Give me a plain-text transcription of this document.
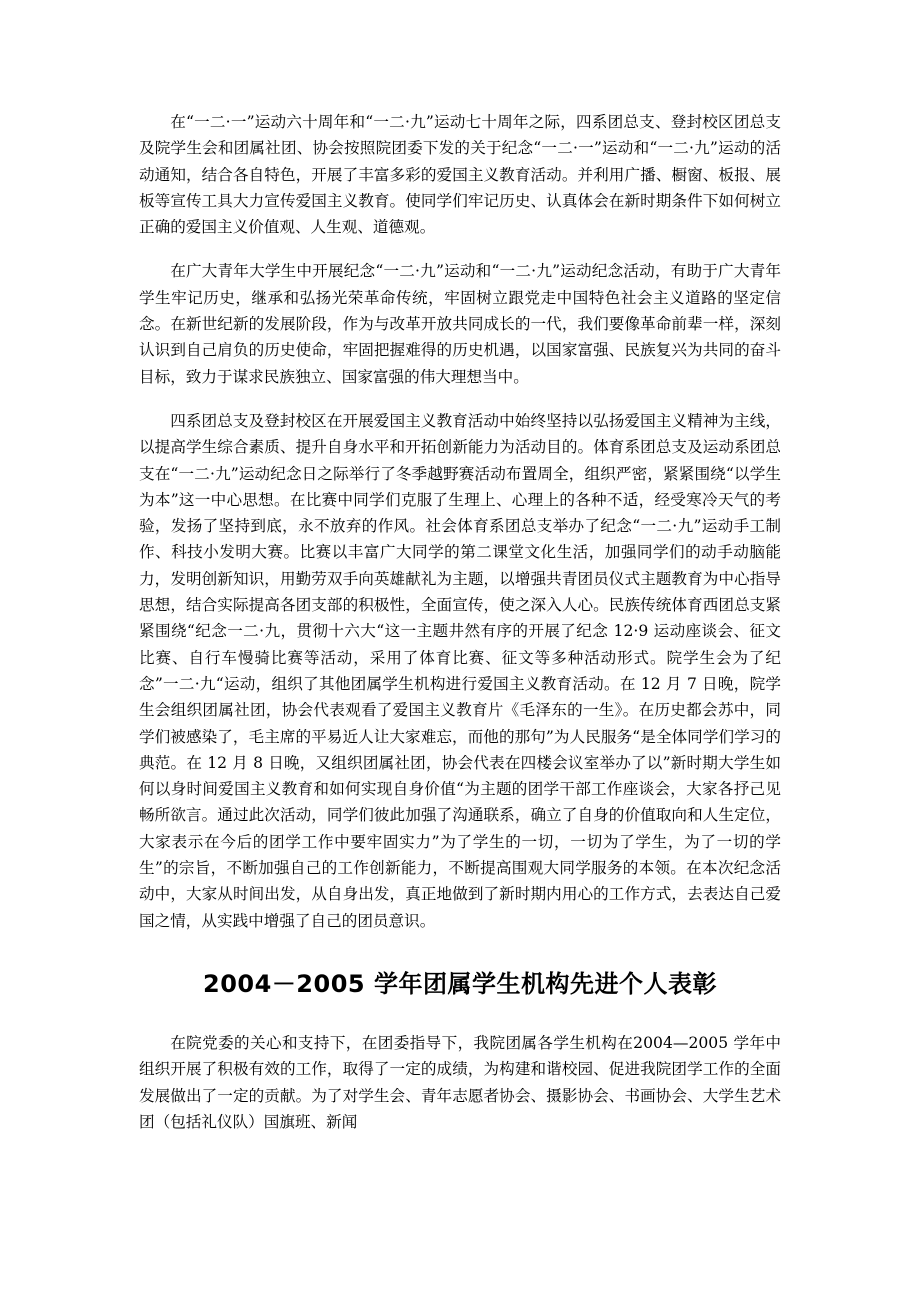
在“一二·一”运动六十周年和“一二·九”运动七十周年之际，四系团总支、登封校区团总支及院学生会和团属社团、协会按照院团委下发的关于纪念“一二·一”运动和“一二·九”运动的活动通知，结合各自特色，开展了丰富多彩的爱国主义教育活动。并利用广播、橱窗、板报、展板等宣传工具大力宣传爱国主义教育。使同学们牢记历史、认真体会在新时期条件下如何树立正确的爱国主义价值观、人生观、道德观。

在广大青年大学生中开展纪念“一二·九”运动和“一二·九”运动纪念活动，有助于广大青年学生牢记历史，继承和弘扬光荣革命传统，牢固树立跟党走中国特色社会主义道路的坚定信念。在新世纪新的发展阶段，作为与改革开放共同成长的一代，我们要像革命前辈一样，深刻认识到自己肩负的历史使命，牢固把握难得的历史机遇，以国家富强、民族复兴为共同的奋斗目标，致力于谋求民族独立、国家富强的伟大理想当中。

四系团总支及登封校区在开展爱国主义教育活动中始终坚持以弘扬爱国主义精神为主线，以提高学生综合素质、提升自身水平和开拓创新能力为活动目的。体育系团总支及运动系团总支在“一二·九”运动纪念日之际举行了冬季越野赛活动布置周全，组织严密，紧紧围绕“以学生为本”这一中心思想。在比赛中同学们克服了生理上、心理上的各种不适，经受寒冷天气的考验，发扬了坚持到底，永不放弃的作风。社会体育系团总支举办了纪念“一二·九”运动手工制作、科技小发明大赛。比赛以丰富广大同学的第二课堂文化生活，加强同学们的动手动脑能力，发明创新知识，用勤劳双手向英雄献礼为主题，以增强共青团员仪式主题教育为中心指导思想，结合实际提高各团支部的积极性，全面宣传，使之深入人心。民族传统体育西团总支紧紧围绕“纪念一二·九，贯彻十六大“这一主题井然有序的开展了纪念 12·9 运动座谈会、征文比赛、自行车慢骑比赛等活动，采用了体育比赛、征文等多种活动形式。院学生会为了纪念”一二·九“运动，组织了其他团属学生机构进行爱国主义教育活动。在 12 月 7 日晚，院学生会组织团属社团，协会代表观看了爱国主义教育片《毛泽东的一生》。在历史都会苏中，同学们被感染了，毛主席的平易近人让大家难忘，而他的那句”为人民服务“是全体同学们学习的典范。在 12 月 8 日晚，又组织团属社团，协会代表在四楼会议室举办了以”新时期大学生如何以身时间爱国主义教育和如何实现自身价值“为主题的团学干部工作座谈会，大家各抒己见畅所欲言。通过此次活动，同学们彼此加强了沟通联系，确立了自身的价值取向和人生定位，大家表示在今后的团学工作中要牢固实力”为了学生的一切，一切为了学生，为了一切的学生”的宗旨，不断加强自己的工作创新能力，不断提高围观大同学服务的本领。在本次纪念活动中，大家从时间出发，从自身出发，真正地做到了新时期内用心的工作方式，去表达自己爱国之情，从实践中增强了自己的团员意识。

2004－2005 学年团属学生机构先进个人表彰

在院党委的关心和支持下，在团委指导下，我院团属各学生机构在2004—2005 学年中组织开展了积极有效的工作，取得了一定的成绩，为构建和谐校园、促进我院团学工作的全面发展做出了一定的贡献。为了对学生会、青年志愿者协会、摄影协会、书画协会、大学生艺术团（包括礼仪队）国旗班、新闻
